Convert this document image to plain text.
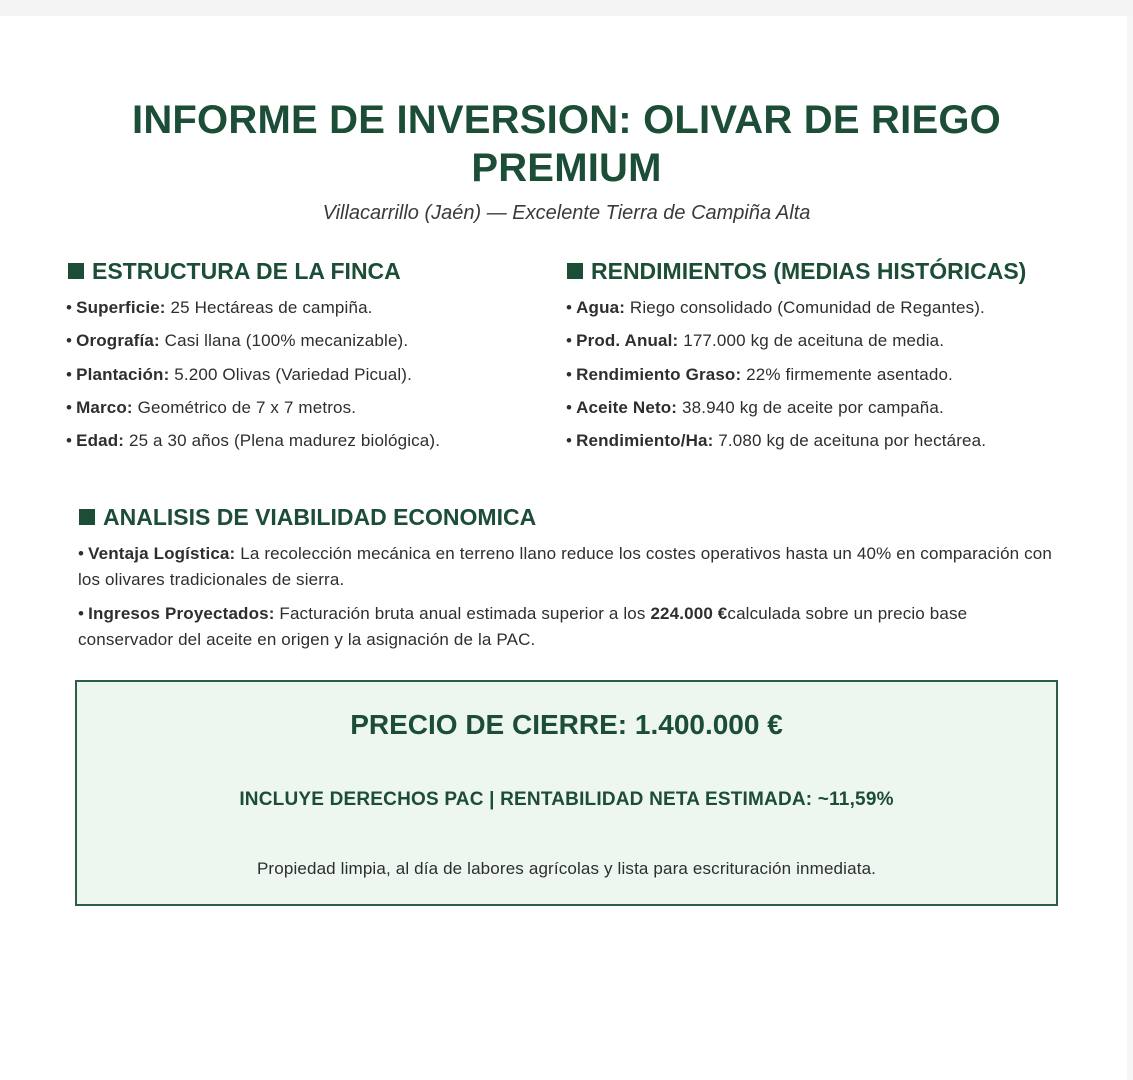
INFORME DE INVERSION: OLIVAR DE RIEGO PREMIUM

Villacarrillo (Jaén) — Excelente Tierra de Campiña Alta

ESTRUCTURA DE LA FINCA
• Superficie: 25 Hectáreas de campiña.
• Orografía: Casi llana (100% mecanizable).
• Plantación: 5.200 Olivas (Variedad Picual).
• Marco: Geométrico de 7 x 7 metros.
• Edad: 25 a 30 años (Plena madurez biológica).
RENDIMIENTOS (MEDIAS HISTÓRICAS)
• Agua: Riego consolidado (Comunidad de Regantes).
• Prod. Anual: 177.000 kg de aceituna de media.
• Rendimiento Graso: 22% firmemente asentado.
• Aceite Neto: 38.940 kg de aceite por campaña.
• Rendimiento/Ha: 7.080 kg de aceituna por hectárea.
ANALISIS DE VIABILIDAD ECONOMICA

• Ventaja Logística: La recolección mecánica en terreno llano reduce los costes operativos hasta un 40% en comparación con los olivares tradicionales de sierra.

• Ingresos Proyectados: Facturación bruta anual estimada superior a los 224.000 €calculada sobre un precio base conservador del aceite en origen y la asignación de la PAC.

PRECIO DE CIERRE: 1.400.000 €

INCLUYE DERECHOS PAC | RENTABILIDAD NETA ESTIMADA: ~11,59%

Propiedad limpia, al día de labores agrícolas y lista para escrituración inmediata.
